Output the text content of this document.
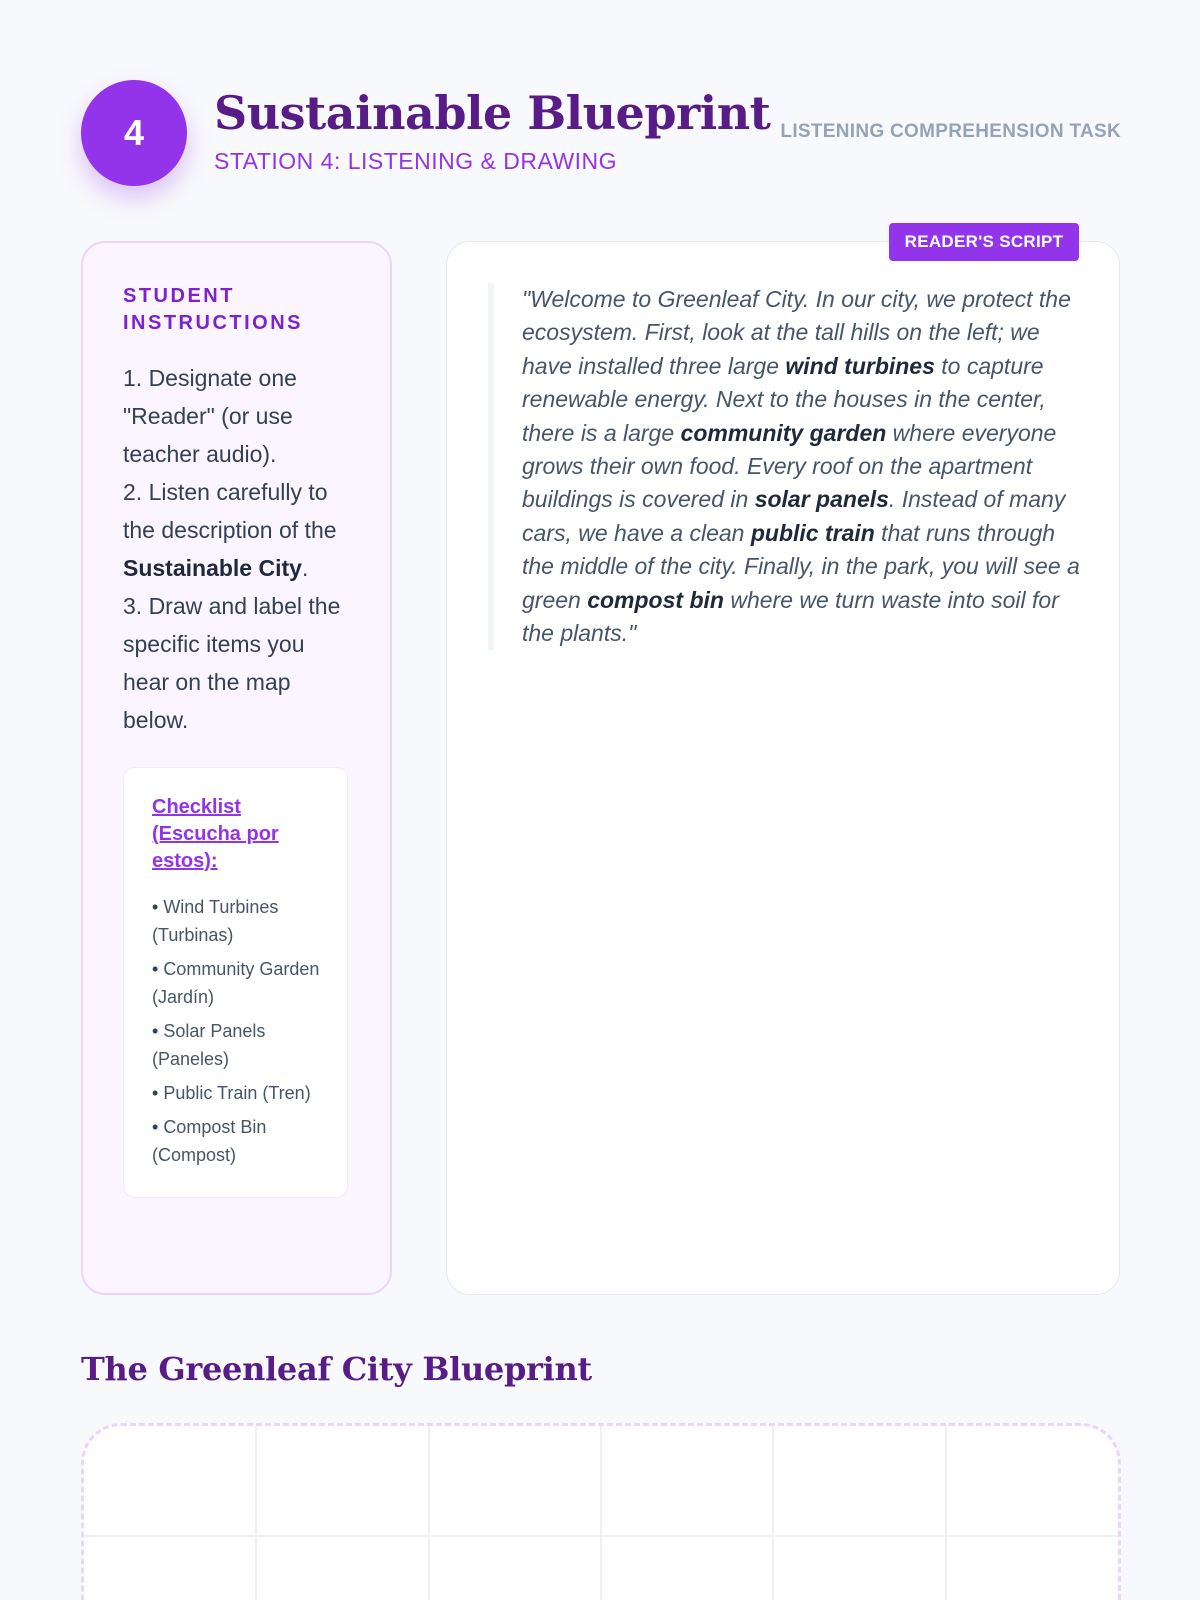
4	Sustainable Blueprint
STATION 4: LISTENING & DRAWING
LISTENING COMPREHENSION TASK
STUDENT INSTRUCTIONS

1. Designate one "Reader" (or use teacher audio).

2. Listen carefully to the description of the Sustainable City.

3. Draw and label the specific items you hear on the map below.

Checklist (Escucha por estos):
• Wind Turbines (Turbinas)
• Community Garden (Jardín)
• Solar Panels (Paneles)
• Public Train (Tren)
• Compost Bin (Compost)
READER'S SCRIPT
"Welcome to Greenleaf City. In our city, we protect the ecosystem. First, look at the tall hills on the left; we have installed three large wind turbines to capture renewable energy. Next to the houses in the center, there is a large community garden where everyone grows their own food. Every roof on the apartment buildings is covered in solar panels. Instead of many cars, we have a clean public train that runs through the middle of the city. Finally, in the park, you will see a green compost bin where we turn waste into soil for the plants."
The Greenleaf City Blueprint
